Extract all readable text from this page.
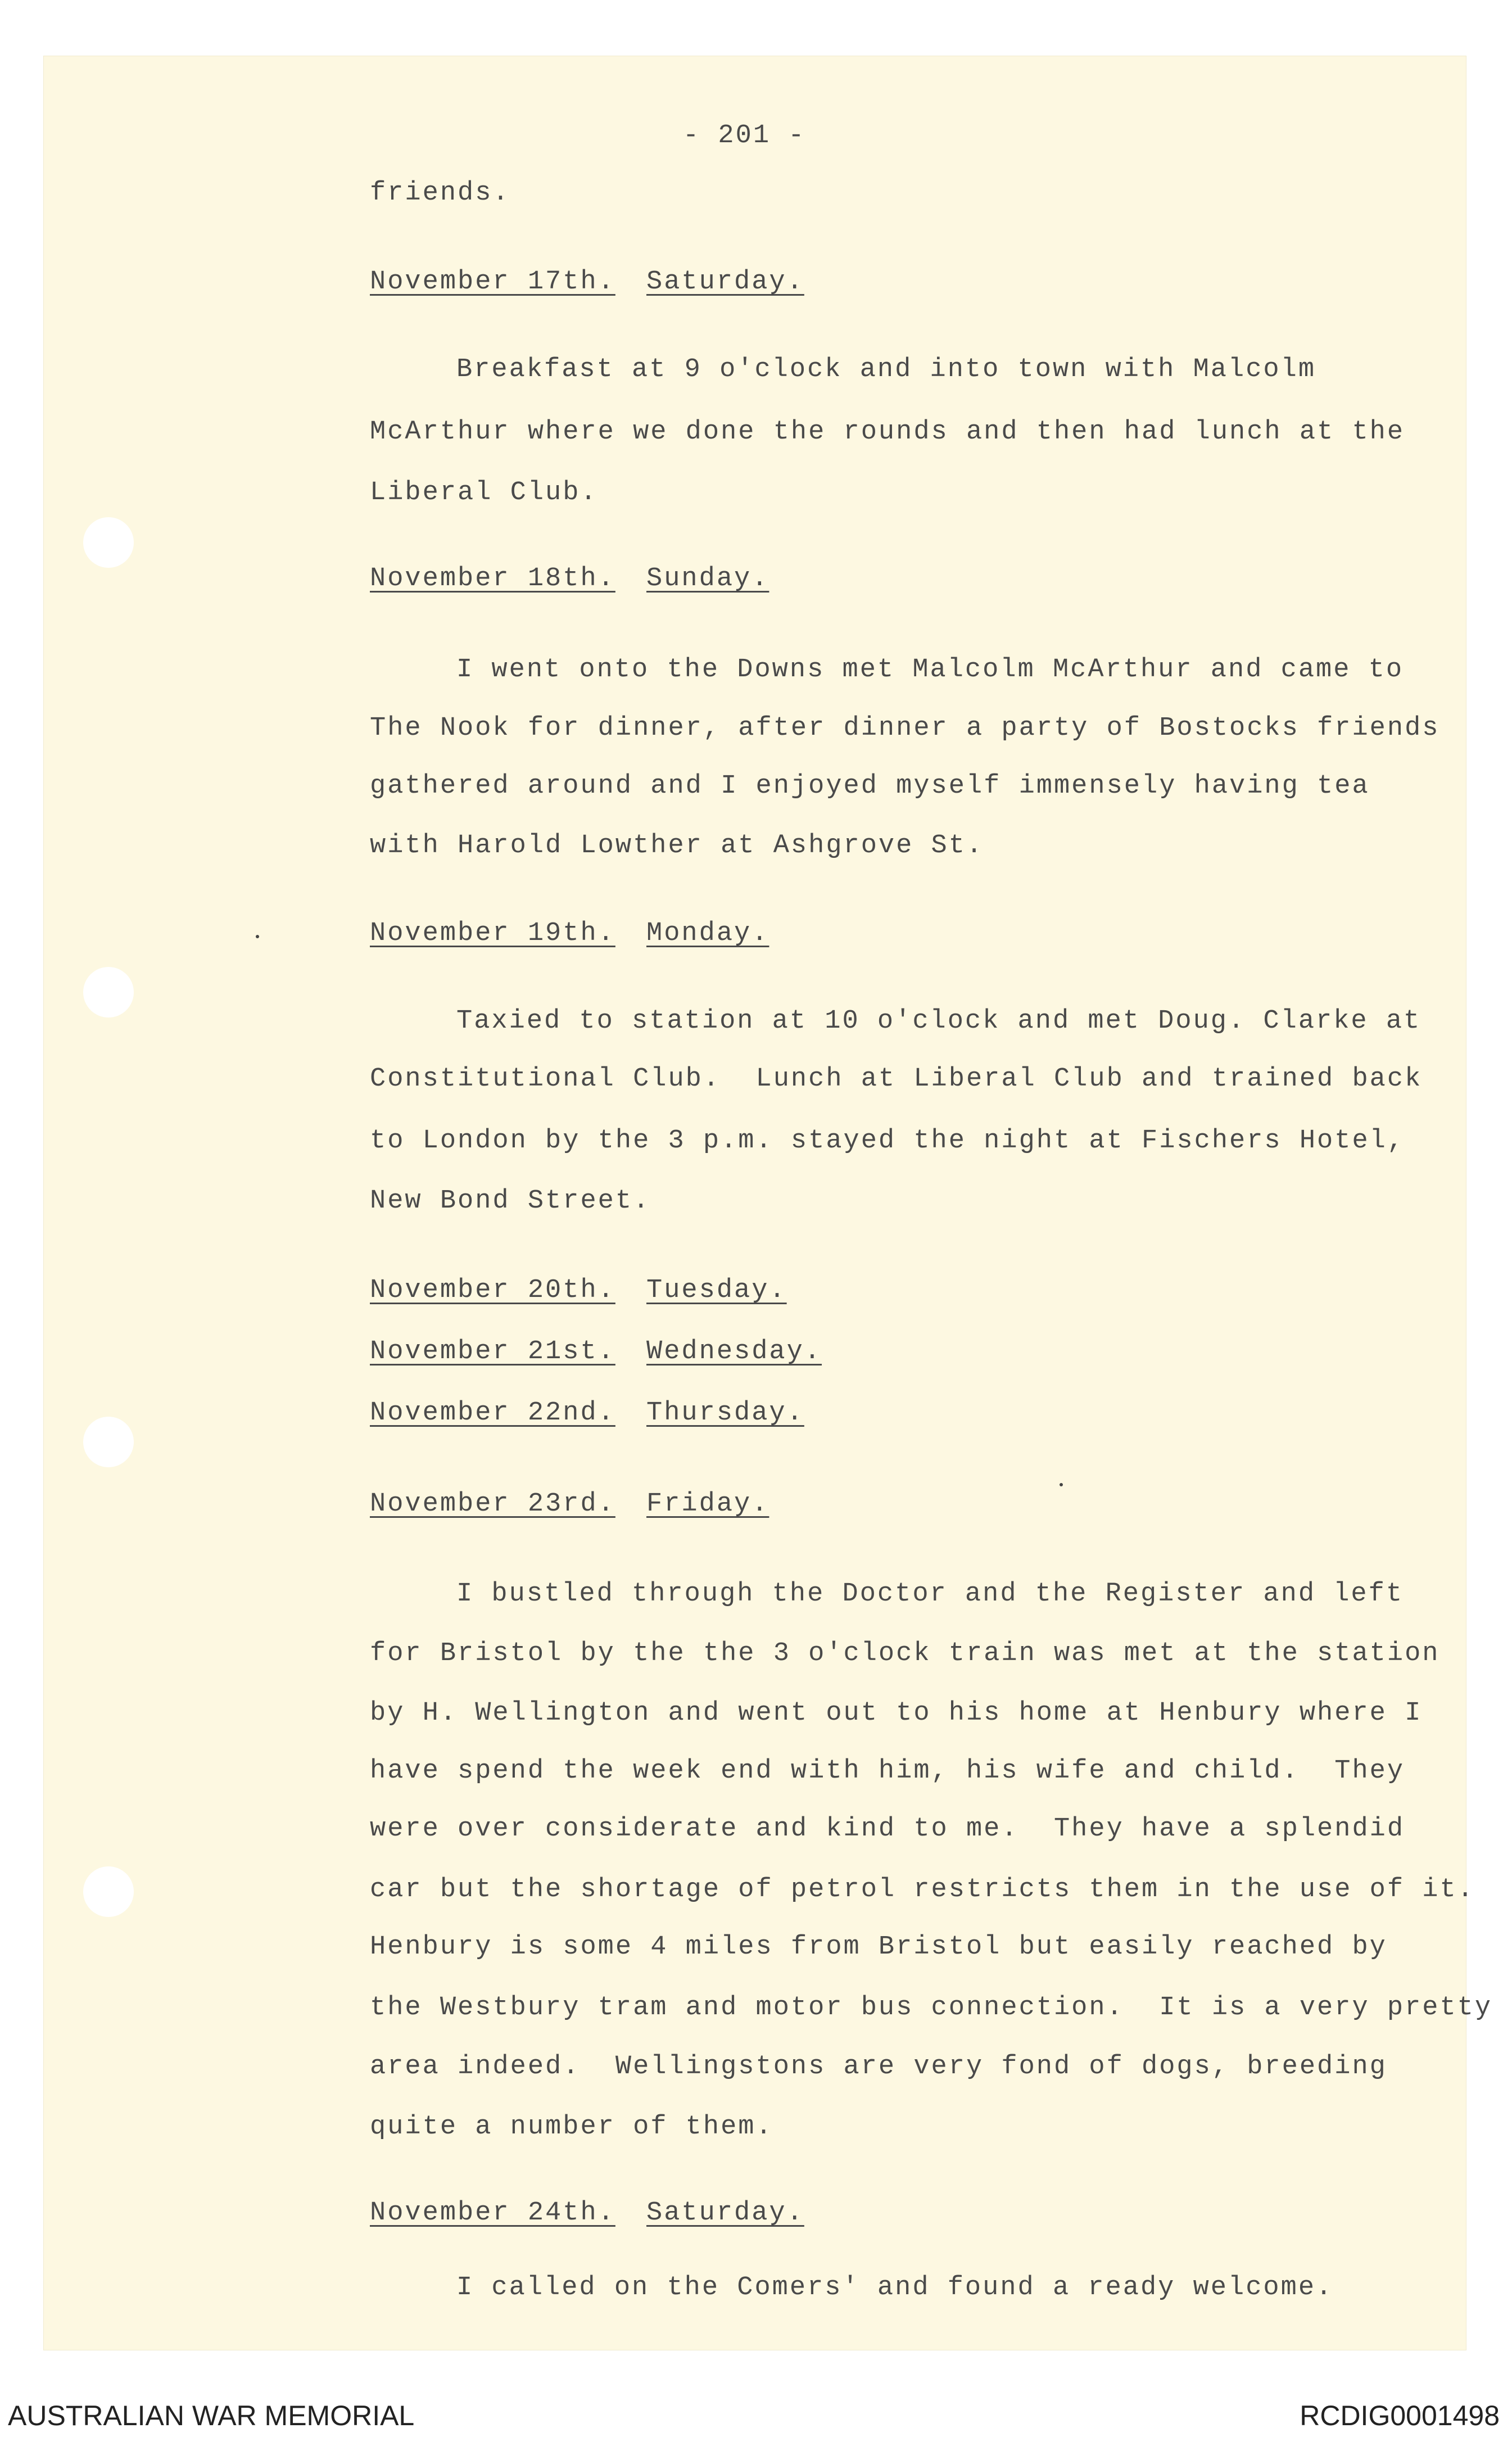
- 201 -
friends.
November 17th. Saturday.
Breakfast at 9 o'clock and into town with Malcolm
McArthur where we done the rounds and then had lunch at the
Liberal Club.
November 18th. Sunday.
I went onto the Downs met Malcolm McArthur and came to
The Nook for dinner, after dinner a party of Bostocks friends
gathered around and I enjoyed myself immensely having tea
with Harold Lowther at Ashgrove St.
November 19th. Monday.
Taxied to station at 10 o'clock and met Doug. Clarke at
Constitutional Club.  Lunch at Liberal Club and trained back
to London by the 3 p.m. stayed the night at Fischers Hotel,
New Bond Street.
November 20th. Tuesday.
November 21st. Wednesday.
November 22nd. Thursday.
November 23rd. Friday.
I bustled through the Doctor and the Register and left
for Bristol by the the 3 o'clock train was met at the station
by H. Wellington and went out to his home at Henbury where I
have spend the week end with him, his wife and child.  They
were over considerate and kind to me.  They have a splendid
car but the shortage of petrol restricts them in the use of it.
Henbury is some 4 miles from Bristol but easily reached by
the Westbury tram and motor bus connection.  It is a very pretty
area indeed.  Wellingstons are very fond of dogs, breeding
quite a number of them.
November 24th. Saturday.
I called on the Comers' and found a ready welcome.
AUSTRALIAN WAR MEMORIAL	RCDIG0001498
